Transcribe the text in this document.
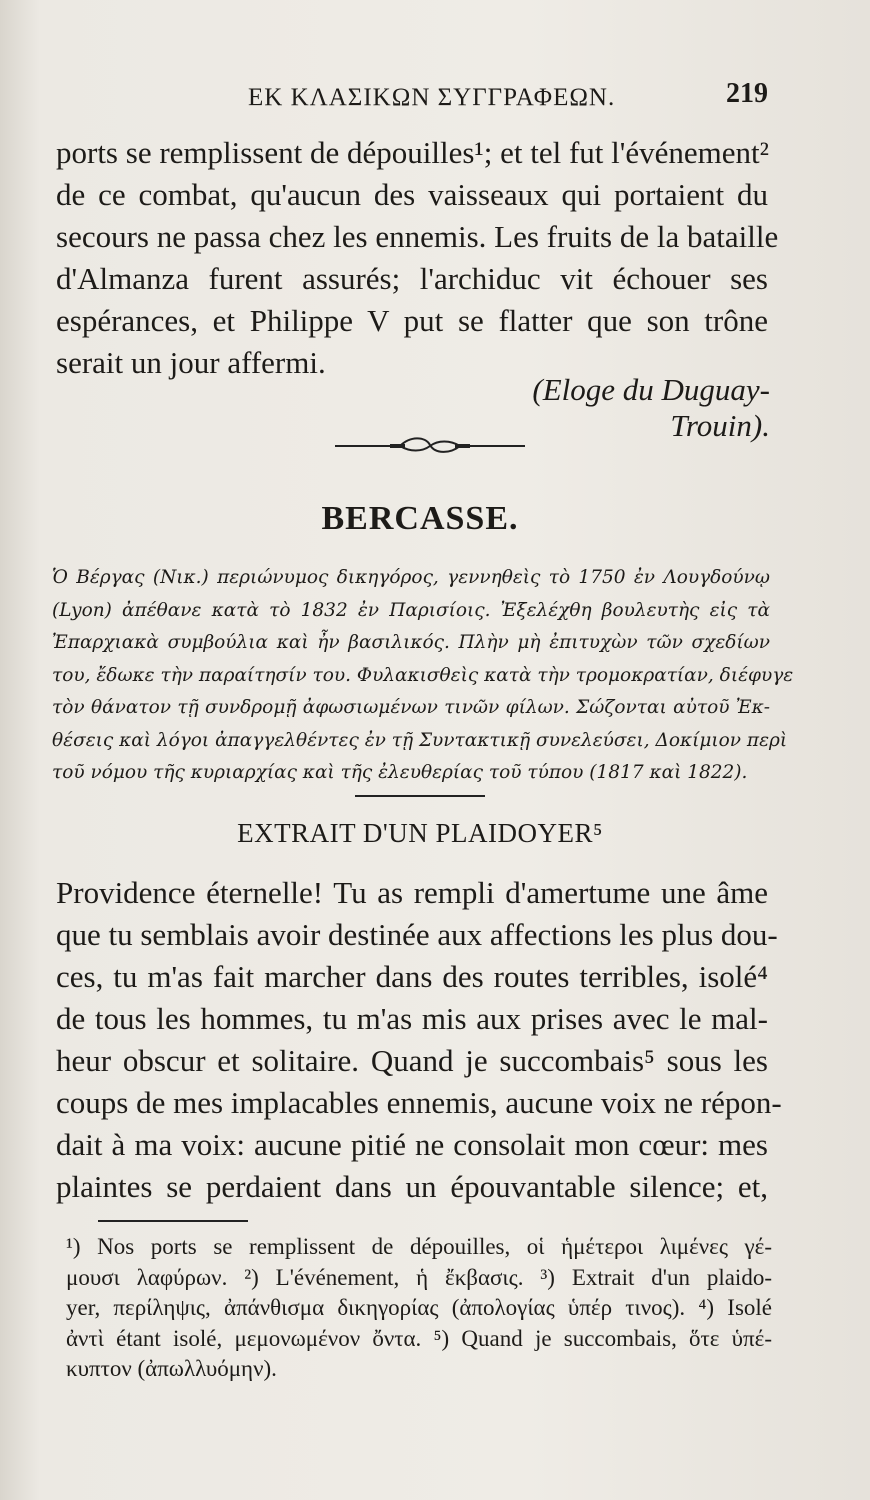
ΕΚ ΚΛΑΣΙΚΩΝ ΣΥΓΓΡΑΦΕΩΝ.	219
ports se remplissent de dépouilles¹; et tel fut l'événement²
de ce combat, qu'aucun des vaisseaux qui portaient du
secours ne passa chez les ennemis. Les fruits de la bataille
d'Almanza furent assurés; l'archiduc vit échouer ses
espérances, et Philippe V put se flatter que son trône
serait un jour affermi.
(Eloge du Duguay-Trouin).
BERCASSE.
Ὁ Βέργας (Νικ.) περιώνυμος δικηγόρος, γεννηθεὶς τὸ 1750 ἐν Λουγδούνῳ
(Lyon) ἀπέθανε κατὰ τὸ 1832 ἐν Παρισίοις. Ἐξελέχθη βουλευτὴς εἰς τὰ
Ἐπαρχιακὰ συμβούλια καὶ ἦν βασιλικός. Πλὴν μὴ ἐπιτυχὼν τῶν σχεδίων
του, ἔδωκε τὴν παραίτησίν του. Φυλακισθεὶς κατὰ τὴν τρομοκρατίαν, διέφυγε
τὸν θάνατον τῇ συνδρομῇ ἀφωσιωμένων τινῶν φίλων. Σώζονται αὐτοῦ Ἐκ-
θέσεις καὶ λόγοι ἀπαγγελθέντες ἐν τῇ Συντακτικῇ συνελεύσει, Δοκίμιον περὶ
τοῦ νόμου τῆς κυριαρχίας καὶ τῆς ἐλευθερίας τοῦ τύπου (1817 καὶ 1822).
EXTRAIT D'UN PLAIDOYER⁵
Providence éternelle! Tu as rempli d'amertume une âme
que tu semblais avoir destinée aux affections les plus dou-
ces, tu m'as fait marcher dans des routes terribles, isolé⁴
de tous les hommes, tu m'as mis aux prises avec le mal-
heur obscur et solitaire. Quand je succombais⁵ sous les
coups de mes implacables ennemis, aucune voix ne répon-
dait à ma voix: aucune pitié ne consolait mon cœur: mes
plaintes se perdaient dans un épouvantable silence; et,
¹) Nos ports se remplissent de dépouilles, οἱ ἡμέτεροι λιμένες γέ-
μουσι λαφύρων. ²) L'événement, ἡ ἔκβασις. ³) Extrait d'un plaido-
yer, περίληψις, ἀπάνθισμα δικηγορίας (ἀπολογίας ὑπέρ τινος). ⁴) Isolé
ἀντὶ étant isolé, μεμονωμένον ὄντα. ⁵) Quand je succombais, ὅτε ὑπέ-
κυπτον (ἀπωλλυόμην).
